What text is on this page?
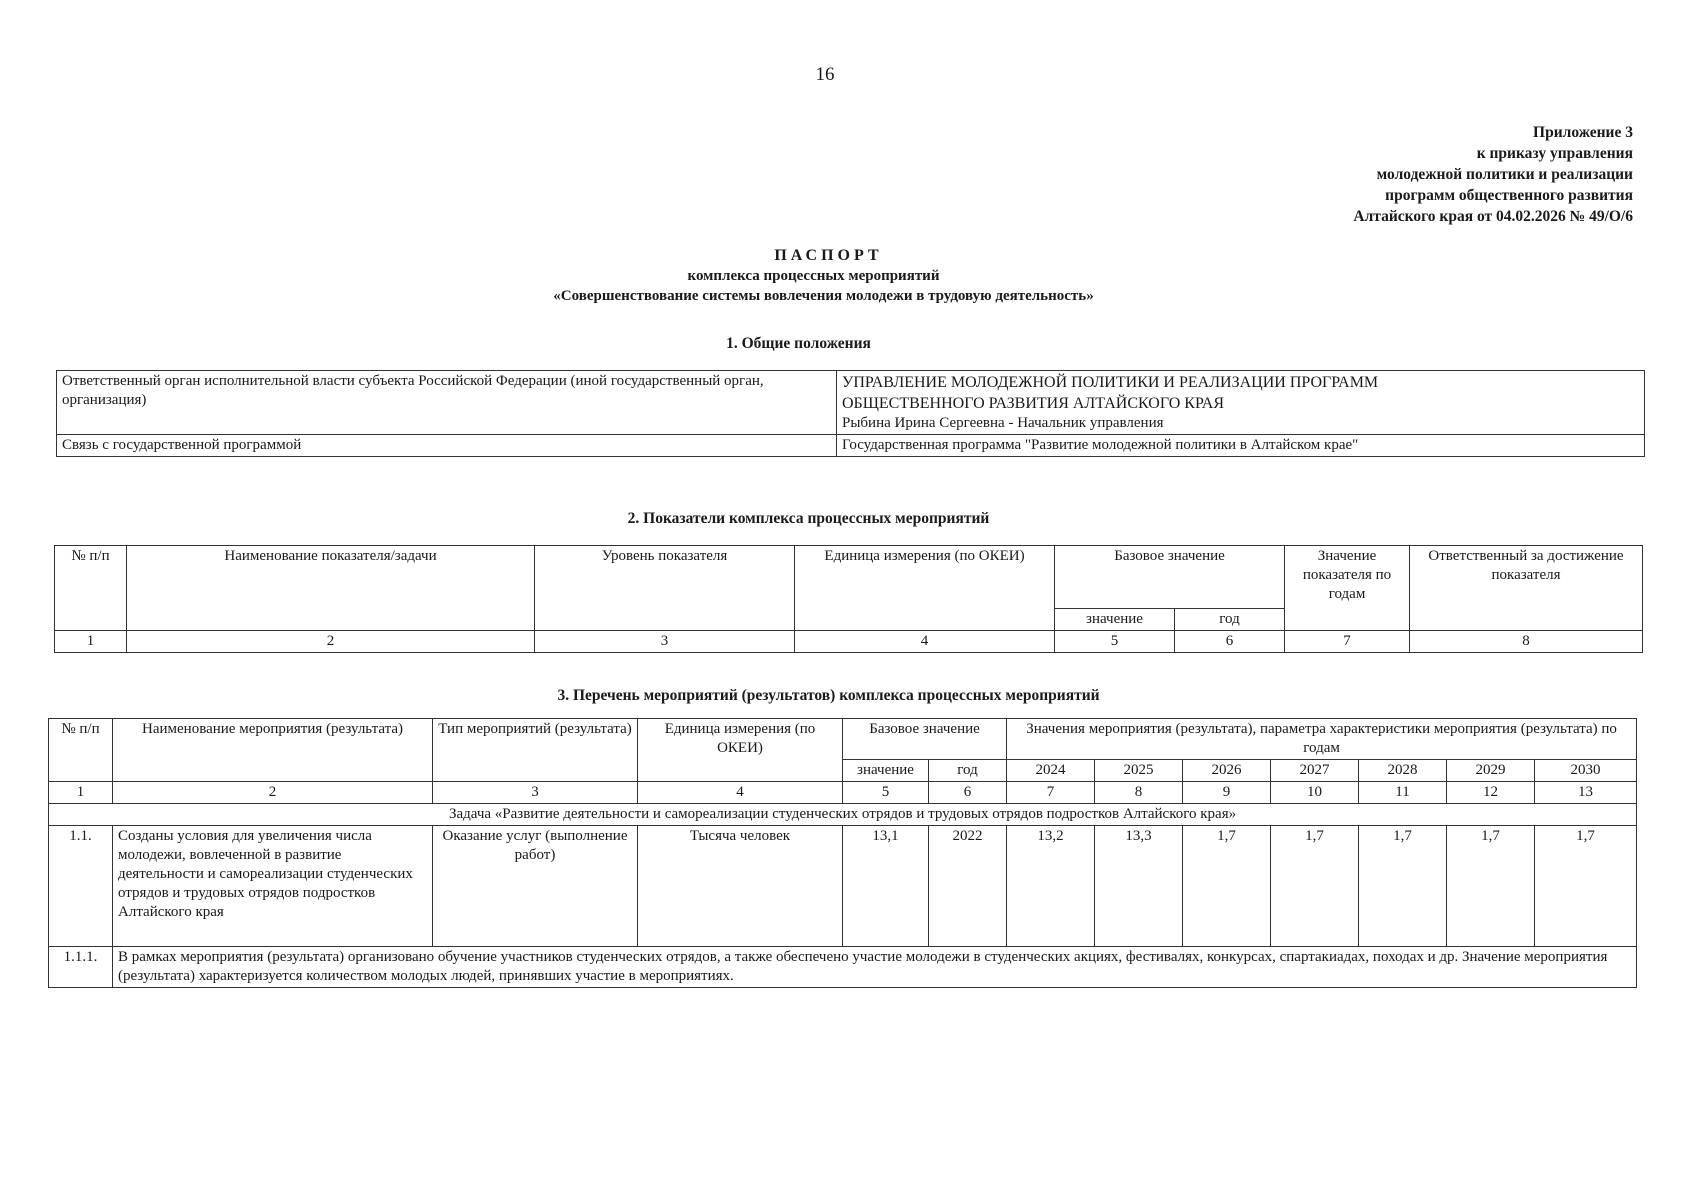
16
Приложение 3
к приказу управления
молодежной политики и реализации
программ общественного развития
Алтайского края от 04.02.2026 № 49/О/6
ПАСПОРТ
комплекса процессных мероприятий
«Совершенствование системы вовлечения молодежи в трудовую деятельность»
1. Общие положения
Ответственный орган исполнительной власти субъекта Российской Федерации (иной государственный орган, организация)	УПРАВЛЕНИЕ МОЛОДЕЖНОЙ ПОЛИТИКИ И РЕАЛИЗАЦИИ ПРОГРАММ
ОБЩЕСТВЕННОГО РАЗВИТИЯ АЛТАЙСКОГО КРАЯ
Рыбина Ирина Сергеевна - Начальник управления

Связь с государственной программой	Государственная программа "Развитие молодежной политики в Алтайском крае"
2. Показатели комплекса процессных мероприятий
№ п/п	Наименование показателя/задачи	Уровень показателя	Единица измерения (по ОКЕИ)	Базовое значение		Значение показателя по годам	Ответственный за достижение показателя
				значение	год		
1	2	3	4	5	6	7	8
3. Перечень мероприятий (результатов) комплекса процессных мероприятий
№ п/п	Наименование мероприятия (результата)	Тип мероприятий (результата)	Единица измерения (по ОКЕИ)	Базовое значение		Значения мероприятия (результата), параметра характеристики мероприятия (результата) по годам						
				значение	год	2024	2025	2026	2027	2028	2029	2030
1	2	3	4	5	6	7	8	9	10	11	12	13
Задача «Развитие деятельности и самореализации студенческих отрядов и трудовых отрядов подростков Алтайского края»												
1.1.	Созданы условия для увеличения числа молодежи, вовлеченной в развитие деятельности и самореализации студенческих отрядов и трудовых отрядов подростков Алтайского края	Оказание услуг (выполнение работ)	Тысяча человек	13,1	2022	13,2	13,3	1,7	1,7	1,7	1,7	1,7
1.1.1.	В рамках мероприятия (результата) организовано обучение участников студенческих отрядов, а также обеспечено участие молодежи в студенческих акциях, фестивалях, конкурсах, спартакиадах, походах и др. Значение мероприятия (результата) характеризуется количеством молодых людей, принявших участие в мероприятиях.											
